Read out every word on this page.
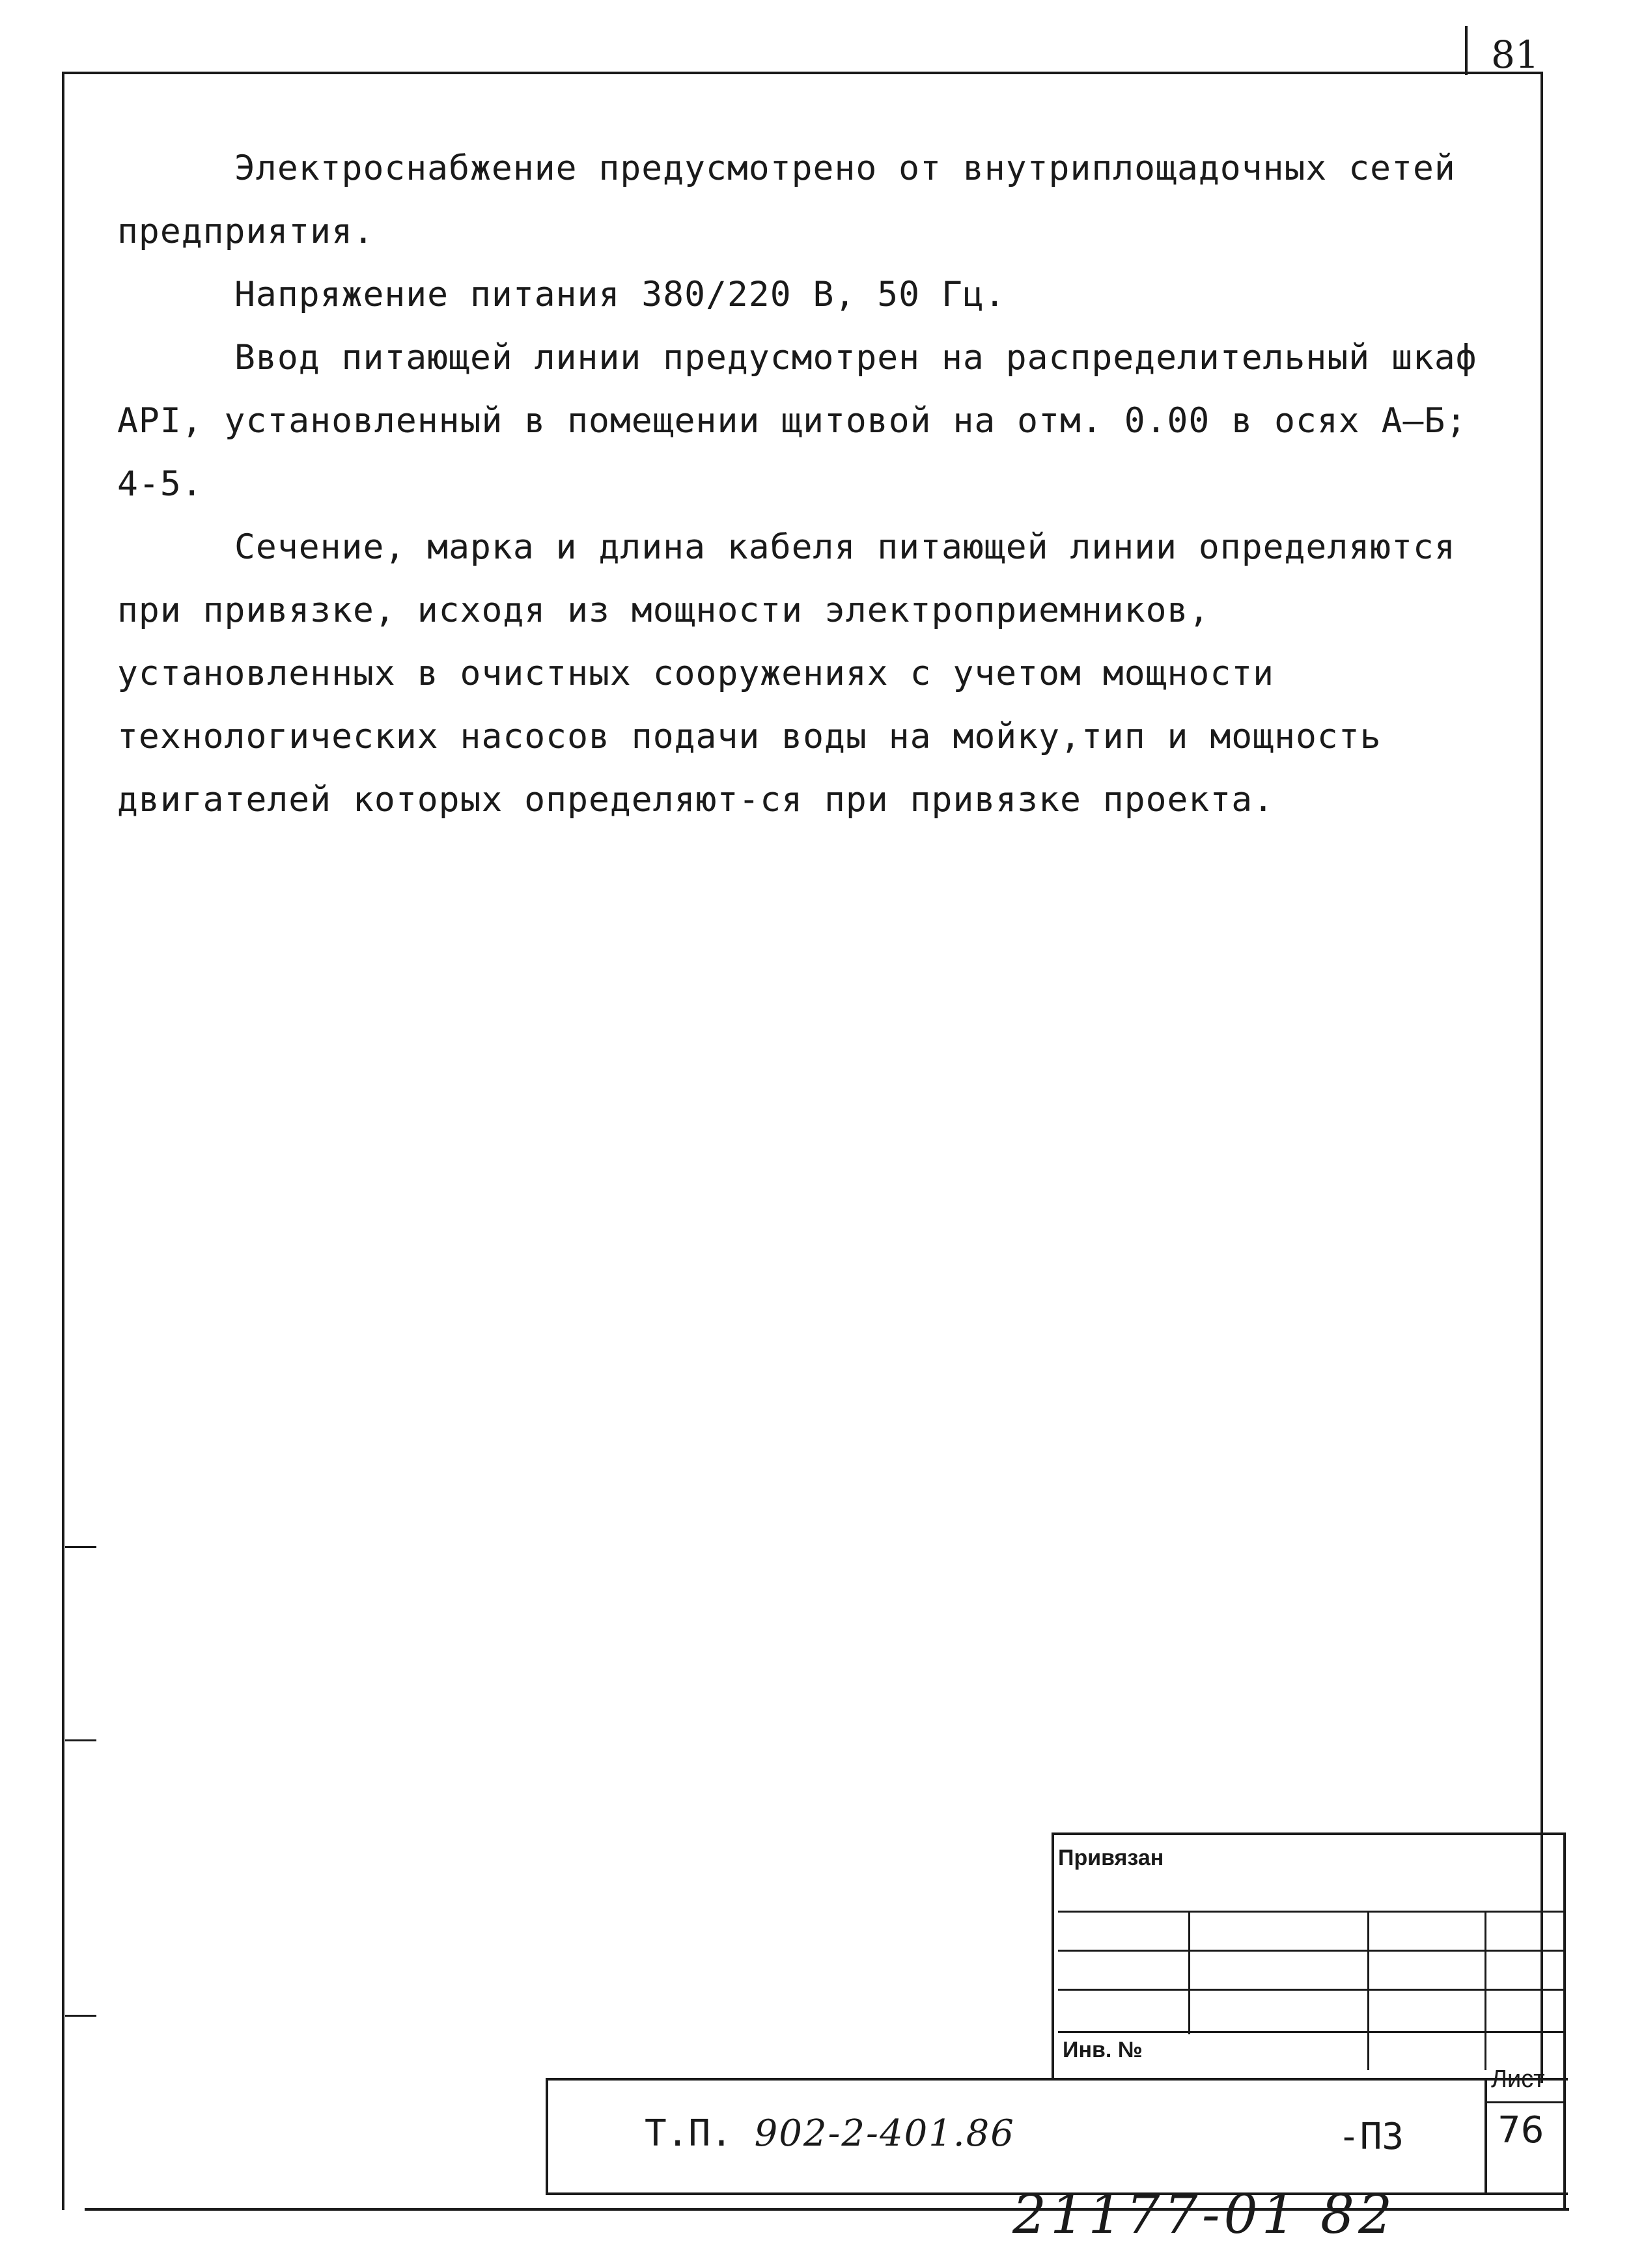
81

Электроснабжение предусмотрено от внутриплощадочных сетей предприятия.

Напряжение питания 380/220 В, 50 Гц.

Ввод питающей линии предусмотрен на распределительный шкаф АРI, установленный в помещении щитовой на отм. 0.00 в осях А–Б; 4-5.

Сечение, марка и длина кабеля питающей линии определяются при привязке, исходя из мощности электроприемников, установленных в очистных сооружениях с учетом мощности технологических насосов подачи воды на мойку,тип и мощность двигателей которых определяют-ся при привязке проекта.

Привязан
Инв. №
Т.П. 902-2-401.86	-ПЗ
Лист
76
21177-01 82
